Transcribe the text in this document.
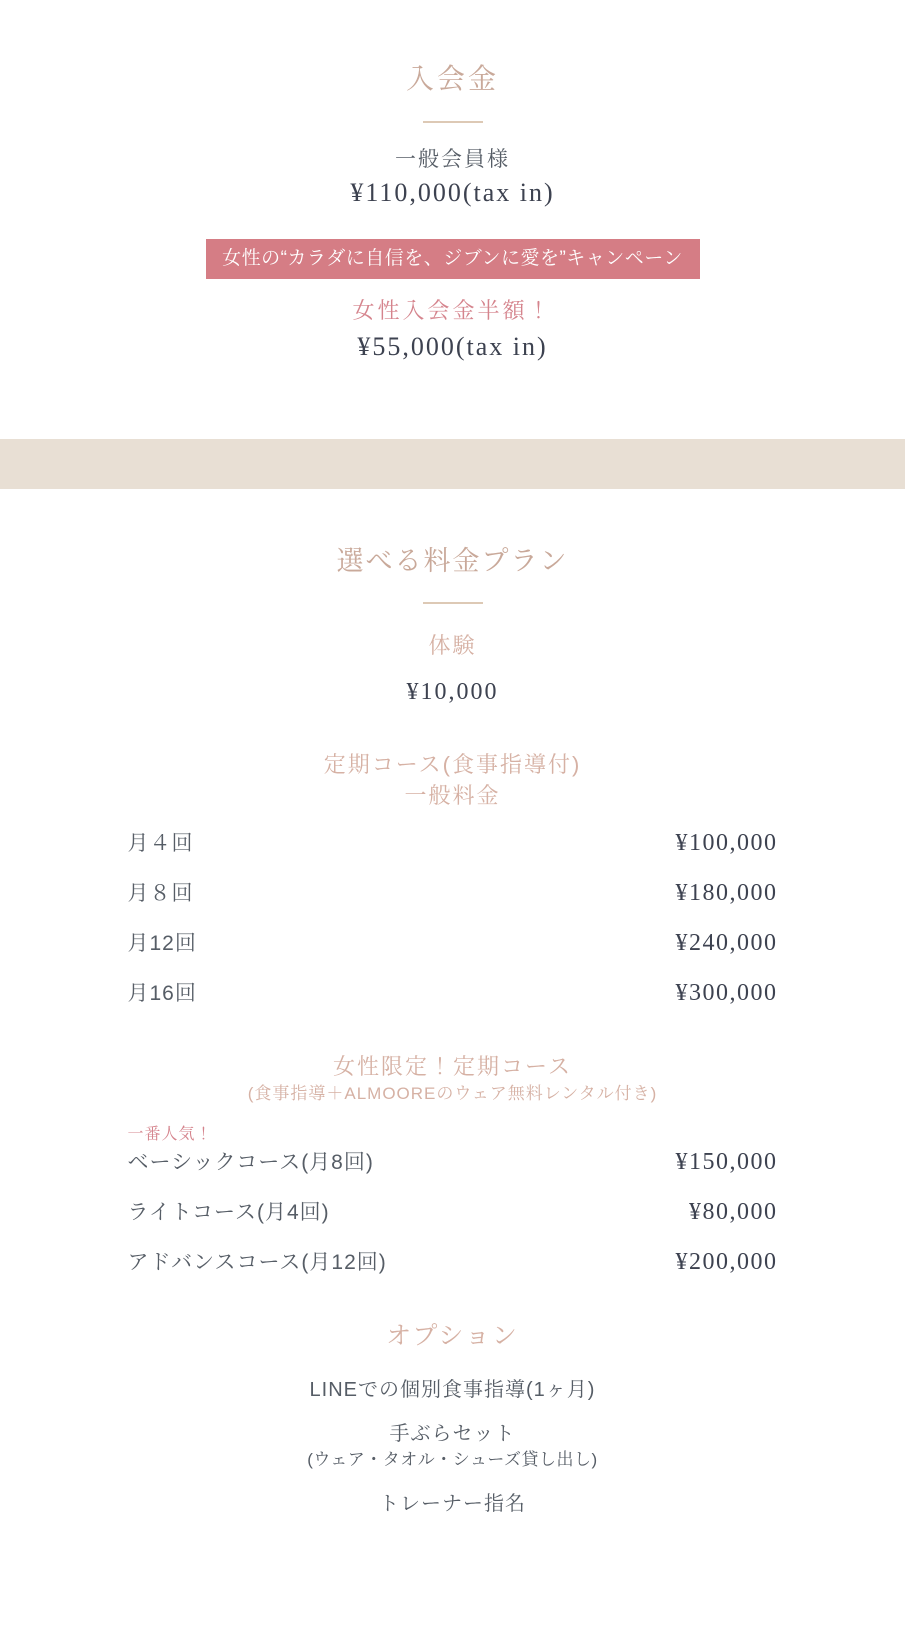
入会金
一般会員様
¥110,000(tax in)
女性の“カラダに自信を、ジブンに愛を”キャンペーン
女性入会金半額！
¥55,000(tax in)
選べる料金プラン
体験
¥10,000
定期コース(食事指導付)
一般料金
月４回	¥100,000
月８回	¥180,000
月12回	¥240,000
月16回	¥300,000
女性限定！定期コース
(食事指導＋ALMOOREのウェア無料レンタル付き)
一番人気！
ベーシックコース(月8回)	¥150,000
ライトコース(月4回)	¥80,000
アドバンスコース(月12回)	¥200,000
オプション
LINEでの個別食事指導(1ヶ月)
手ぶらセット
(ウェア・タオル・シューズ貸し出し)
トレーナー指名
